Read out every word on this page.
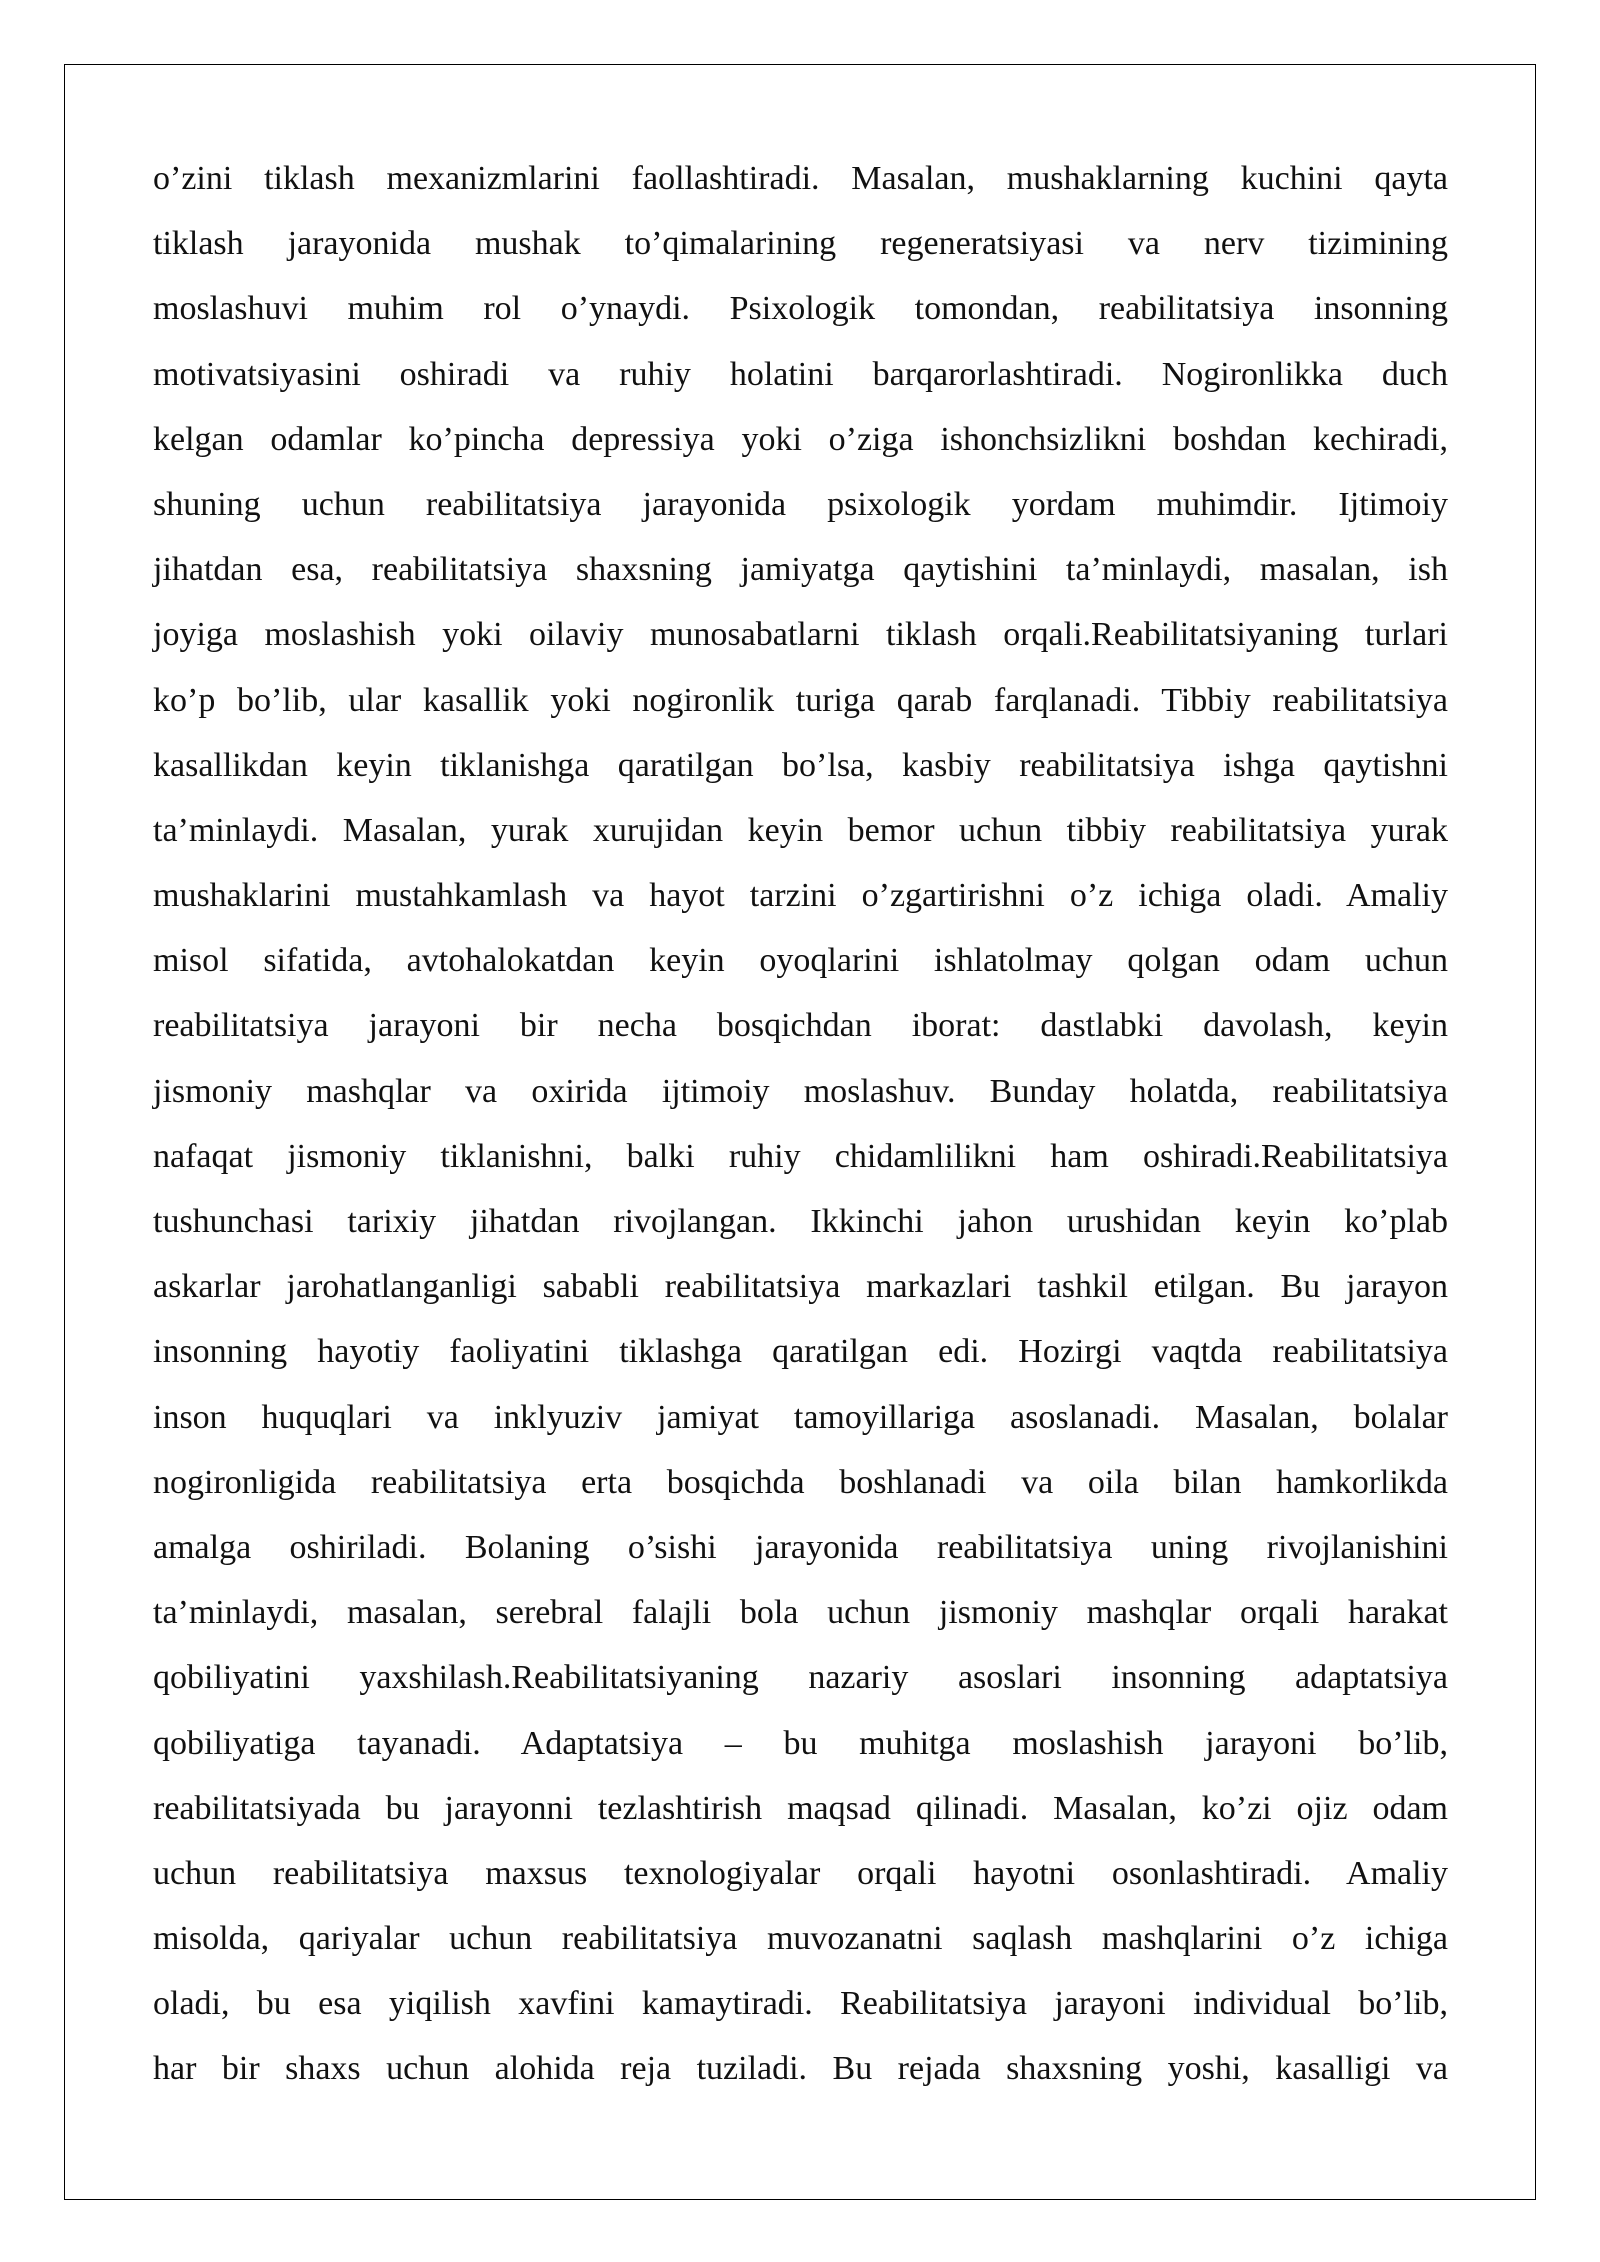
o’zini tiklash mexanizmlarini faollashtiradi. Masalan, mushaklarning kuchini qayta
tiklash jarayonida mushak to’qimalarining regeneratsiyasi va nerv tizimining
moslashuvi muhim rol o’ynaydi. Psixologik tomondan, reabilitatsiya insonning
motivatsiyasini oshiradi va ruhiy holatini barqarorlashtiradi. Nogironlikka duch
kelgan odamlar ko’pincha depressiya yoki o’ziga ishonchsizlikni boshdan kechiradi,
shuning uchun reabilitatsiya jarayonida psixologik yordam muhimdir. Ijtimoiy
jihatdan esa, reabilitatsiya shaxsning jamiyatga qaytishini ta’minlaydi, masalan, ish
joyiga moslashish yoki oilaviy munosabatlarni tiklash orqali.Reabilitatsiyaning turlari
ko’p bo’lib, ular kasallik yoki nogironlik turiga qarab farqlanadi. Tibbiy reabilitatsiya
kasallikdan keyin tiklanishga qaratilgan bo’lsa, kasbiy reabilitatsiya ishga qaytishni
ta’minlaydi. Masalan, yurak xurujidan keyin bemor uchun tibbiy reabilitatsiya yurak
mushaklarini mustahkamlash va hayot tarzini o’zgartirishni o’z ichiga oladi. Amaliy
misol sifatida, avtohalokatdan keyin oyoqlarini ishlatolmay qolgan odam uchun
reabilitatsiya jarayoni bir necha bosqichdan iborat: dastlabki davolash, keyin
jismoniy mashqlar va oxirida ijtimoiy moslashuv. Bunday holatda, reabilitatsiya
nafaqat jismoniy tiklanishni, balki ruhiy chidamlilikni ham oshiradi.Reabilitatsiya
tushunchasi tarixiy jihatdan rivojlangan. Ikkinchi jahon urushidan keyin ko’plab
askarlar jarohatlanganligi sababli reabilitatsiya markazlari tashkil etilgan. Bu jarayon
insonning hayotiy faoliyatini tiklashga qaratilgan edi. Hozirgi vaqtda reabilitatsiya
inson huquqlari va inklyuziv jamiyat tamoyillariga asoslanadi. Masalan, bolalar
nogironligida reabilitatsiya erta bosqichda boshlanadi va oila bilan hamkorlikda
amalga oshiriladi. Bolaning o’sishi jarayonida reabilitatsiya uning rivojlanishini
ta’minlaydi, masalan, serebral falajli bola uchun jismoniy mashqlar orqali harakat
qobiliyatini yaxshilash.Reabilitatsiyaning nazariy asoslari insonning adaptatsiya
qobiliyatiga tayanadi. Adaptatsiya – bu muhitga moslashish jarayoni bo’lib,
reabilitatsiyada bu jarayonni tezlashtirish maqsad qilinadi. Masalan, ko’zi ojiz odam
uchun reabilitatsiya maxsus texnologiyalar orqali hayotni osonlashtiradi. Amaliy
misolda, qariyalar uchun reabilitatsiya muvozanatni saqlash mashqlarini o’z ichiga
oladi, bu esa yiqilish xavfini kamaytiradi. Reabilitatsiya jarayoni individual bo’lib,
har bir shaxs uchun alohida reja tuziladi. Bu rejada shaxsning yoshi, kasalligi va
